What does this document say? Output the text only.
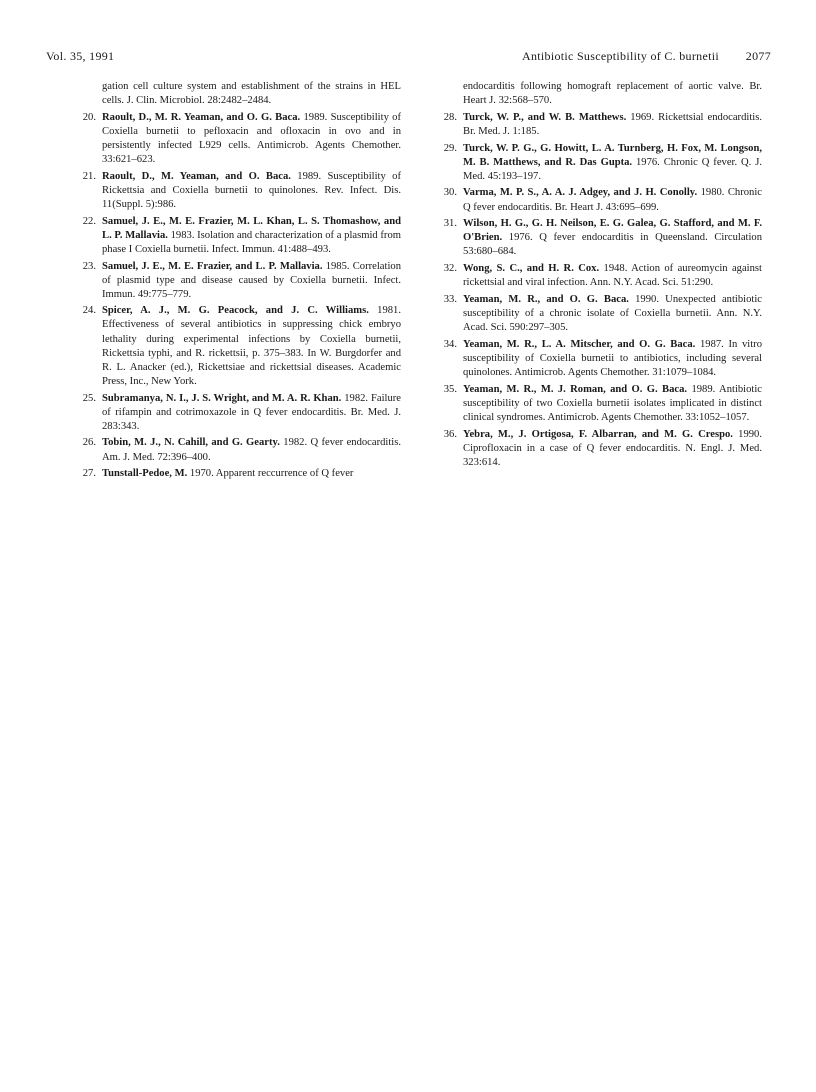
Vol. 35, 1991	Antibiotic Susceptibility of C. burnetii 2077
gation cell culture system and establishment of the strains in HEL cells. J. Clin. Microbiol. 28:2482–2484.
20. Raoult, D., M. R. Yeaman, and O. G. Baca. 1989. Susceptibility of Coxiella burnetii to pefloxacin and ofloxacin in ovo and in persistently infected L929 cells. Antimicrob. Agents Chemother. 33:621–623.
21. Raoult, D., M. Yeaman, and O. Baca. 1989. Susceptibility of Rickettsia and Coxiella burnetii to quinolones. Rev. Infect. Dis. 11(Suppl. 5):986.
22. Samuel, J. E., M. E. Frazier, M. L. Khan, L. S. Thomashow, and L. P. Mallavia. 1983. Isolation and characterization of a plasmid from phase I Coxiella burnetii. Infect. Immun. 41:488–493.
23. Samuel, J. E., M. E. Frazier, and L. P. Mallavia. 1985. Correlation of plasmid type and disease caused by Coxiella burnetii. Infect. Immun. 49:775–779.
24. Spicer, A. J., M. G. Peacock, and J. C. Williams. 1981. Effectiveness of several antibiotics in suppressing chick embryo lethality during experimental infections by Coxiella burnetii, Rickettsia typhi, and R. rickettsii, p. 375–383. In W. Burgdorfer and R. L. Anacker (ed.), Rickettsiae and rickettsial diseases. Academic Press, Inc., New York.
25. Subramanya, N. I., J. S. Wright, and M. A. R. Khan. 1982. Failure of rifampin and cotrimoxazole in Q fever endocarditis. Br. Med. J. 283:343.
26. Tobin, M. J., N. Cahill, and G. Gearty. 1982. Q fever endocarditis. Am. J. Med. 72:396–400.
27. Tunstall-Pedoe, M. 1970. Apparent reccurrence of Q fever
endocarditis following homograft replacement of aortic valve. Br. Heart J. 32:568–570.
28. Turck, W. P., and W. B. Matthews. 1969. Rickettsial endocarditis. Br. Med. J. 1:185.
29. Turck, W. P. G., G. Howitt, L. A. Turnberg, H. Fox, M. Longson, M. B. Matthews, and R. Das Gupta. 1976. Chronic Q fever. Q. J. Med. 45:193–197.
30. Varma, M. P. S., A. A. J. Adgey, and J. H. Conolly. 1980. Chronic Q fever endocarditis. Br. Heart J. 43:695–699.
31. Wilson, H. G., G. H. Neilson, E. G. Galea, G. Stafford, and M. F. O'Brien. 1976. Q fever endocarditis in Queensland. Circulation 53:680–684.
32. Wong, S. C., and H. R. Cox. 1948. Action of aureomycin against rickettsial and viral infection. Ann. N.Y. Acad. Sci. 51:290.
33. Yeaman, M. R., and O. G. Baca. 1990. Unexpected antibiotic susceptibility of a chronic isolate of Coxiella burnetii. Ann. N.Y. Acad. Sci. 590:297–305.
34. Yeaman, M. R., L. A. Mitscher, and O. G. Baca. 1987. In vitro susceptibility of Coxiella burnetii to antibiotics, including several quinolones. Antimicrob. Agents Chemother. 31:1079–1084.
35. Yeaman, M. R., M. J. Roman, and O. G. Baca. 1989. Antibiotic susceptibility of two Coxiella burnetii isolates implicated in distinct clinical syndromes. Antimicrob. Agents Chemother. 33:1052–1057.
36. Yebra, M., J. Ortigosa, F. Albarran, and M. G. Crespo. 1990. Ciprofloxacin in a case of Q fever endocarditis. N. Engl. J. Med. 323:614.
